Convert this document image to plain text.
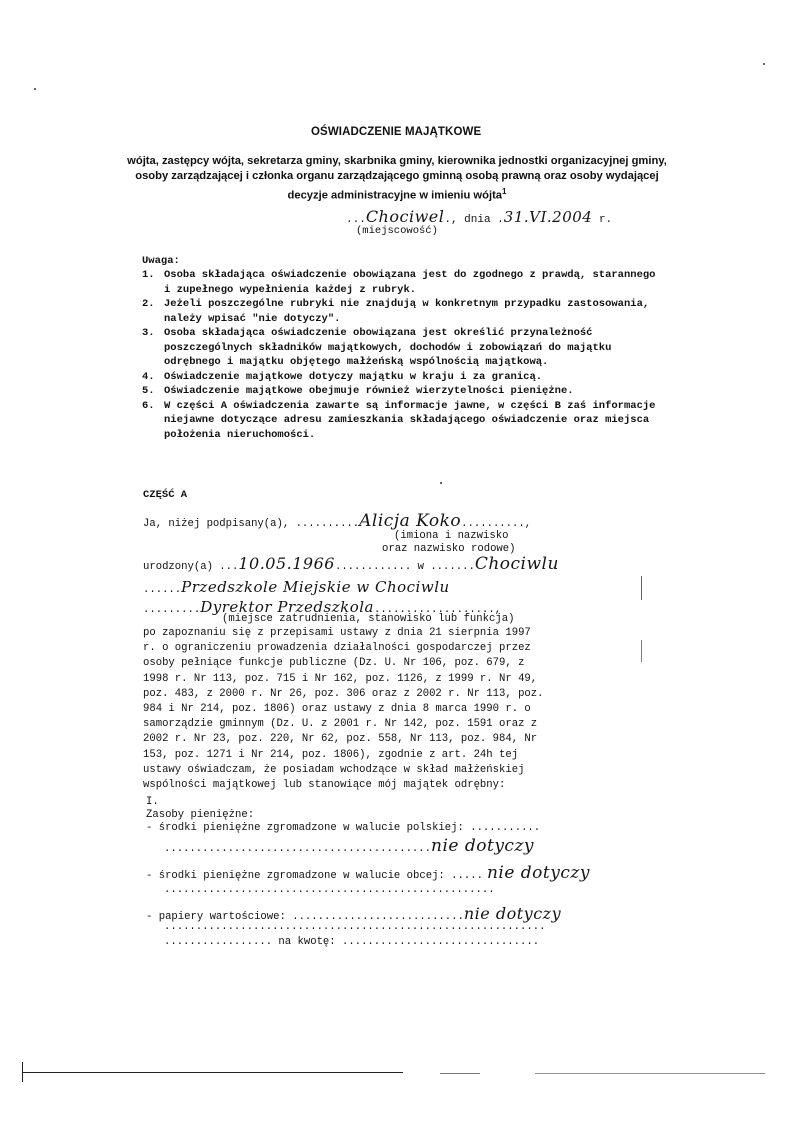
OŚWIADCZENIE MAJĄTKOWE
wójta, zastępcy wójta, sekretarza gminy, skarbnika gminy, kierownika jednostki organizacyjnej gminy, osoby zarządzającej i członka organu zarządzającego gminną osobą prawną oraz osoby wydającej decyzje administracyjne w imieniu wójta$^1$
...Chociwel., dnia .31.VI.2004 r.
(miejscowość)
Uwaga:
1. Osoba składająca oświadczenie obowiązana jest do zgodnego z prawdą, starannego i zupełnego wypełnienia każdej z rubryk.
2. Jeżeli poszczególne rubryki nie znajdują w konkretnym przypadku zastosowania, należy wpisać "nie dotyczy".
3. Osoba składająca oświadczenie obowiązana jest określić przynależność poszczególnych składników majątkowych, dochodów i zobowiązań do majątku odrębnego i majątku objętego małżeńską wspólnością majątkową.
4. Oświadczenie majątkowe dotyczy majątku w kraju i za granicą.
5. Oświadczenie majątkowe obejmuje również wierzytelności pieniężne.
6. W części A oświadczenia zawarte są informacje jawne, w części B zaś informacje niejawne dotyczące adresu zamieszkania składającego oświadczenie oraz miejsca położenia nieruchomości.
CZĘŚĆ A
Ja, niżej podpisany(a), ..........Alicja Koko..........,
(imiona i nazwisko
oraz nazwisko rodowe)
urodzony(a) ...10.05.1966............ w .......Chociwlu
......Przedszkole Miejskie w Chociwlu
.........Dyrektor Przedszkola...................,
(miejsce zatrudnienia, stanowisko lub funkcja)
po zapoznaniu się z przepisami ustawy z dnia 21 sierpnia 1997
r. o ograniczeniu prowadzenia działalności gospodarczej przez
osoby pełniące funkcje publiczne (Dz. U. Nr 106, poz. 679, z
1998 r. Nr 113, poz. 715 i Nr 162, poz. 1126, z 1999 r. Nr 49,
poz. 483, z 2000 r. Nr 26, poz. 306 oraz z 2002 r. Nr 113, poz.
984 i Nr 214, poz. 1806) oraz ustawy z dnia 8 marca 1990 r. o
samorządzie gminnym (Dz. U. z 2001 r. Nr 142, poz. 1591 oraz z
2002 r. Nr 23, poz. 220, Nr 62, poz. 558, Nr 113, poz. 984, Nr
153, poz. 1271 i Nr 214, poz. 1806), zgodnie z art. 24h tej
ustawy oświadczam, że posiadam wchodzące w skład małżeńskiej
wspólności majątkowej lub stanowiące mój majątek odrębny:
I.
Zasoby pieniężne:
- środki pieniężne zgromadzone w walucie polskiej: ...........
..........................................nie dotyczy
- środki pieniężne zgromadzone w walucie obcej: ..... nie dotyczy
....................................................
- papiery wartościowe: ...........................nie dotyczy
............................................................
................. na kwotę: ...............................
